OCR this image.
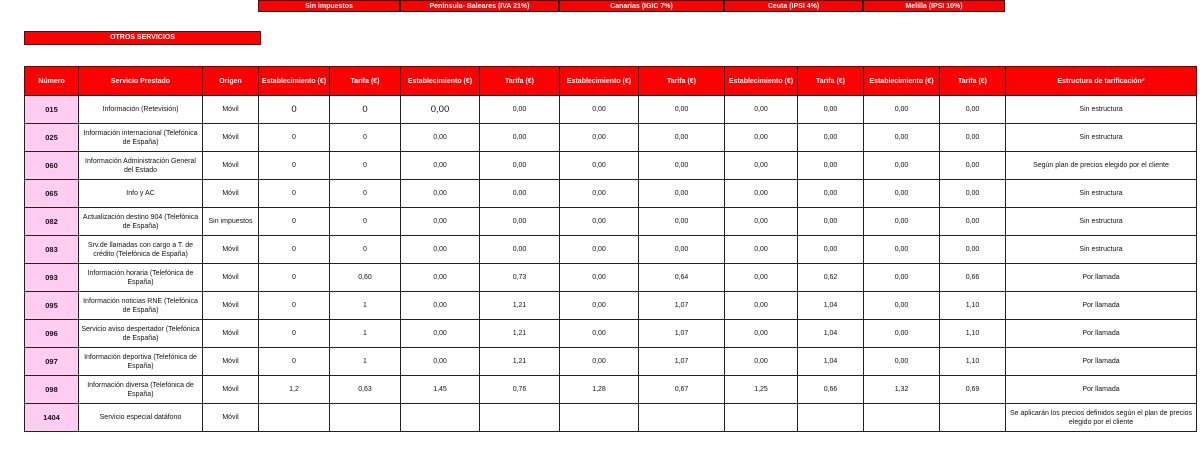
OTROS SERVICIOS
Sin impuestos	Península- Baleares (IVA 21%)	Canarias (IGIC 7%)	Ceuta (IPSI 4%)	Melilla (IPSI 10%)
Número	Servicio Prestado	Origen	Establecimiento (€)	Tarifa (€)	Establecimiento (€)	Tarifa (€)	Establecimiento (€)	Tarifa (€)	Establecimiento (€)	Tarifa (€)	Establecimiento (€)	Tarifa (€)	Estructura de tarificación*
015	Información (Retevisión)	Móvil	0	0	0,00	0,00	0,00	0,00	0,00	0,00	0,00	0,00	Sin estructura
025	Información internacional (Telefónica de España)	Móvil	0	0	0,00	0,00	0,00	0,00	0,00	0,00	0,00	0,00	Sin estructura
060	Información Administración General del Estado	Móvil	0	0	0,00	0,00	0,00	0,00	0,00	0,00	0,00	0,00	Según plan de precios elegido por el cliente
065	Info y AC	Móvil	0	0	0,00	0,00	0,00	0,00	0,00	0,00	0,00	0,00	Sin estructura
082	Actualización destino 904 (Telefónica de España)	Sin impuestos	0	0	0,00	0,00	0,00	0,00	0,00	0,00	0,00	0,00	Sin estructura
083	Srv.de llamadas con cargo a T. de crédito (Telefónica de España)	Móvil	0	0	0,00	0,00	0,00	0,00	0,00	0,00	0,00	0,00	Sin estructura
093	Información horaria (Telefónica de España)	Móvil	0	0,60	0,00	0,73	0,00	0,64	0,00	0,62	0,00	0,66	Por llamada
095	Información noticias RNE (Telefónica de España)	Móvil	0	1	0,00	1,21	0,00	1,07	0,00	1,04	0,00	1,10	Por llamada
096	Servicio aviso despertador (Telefónica de España)	Móvil	0	1	0,00	1,21	0,00	1,07	0,00	1,04	0,00	1,10	Por llamada
097	Información deportiva (Telefónica de España)	Móvil	0	1	0,00	1,21	0,00	1,07	0,00	1,04	0,00	1,10	Por llamada
098	Información diversa (Telefónica de España)	Móvil	1,2	0,63	1,45	0,76	1,28	0,67	1,25	0,66	1,32	0,69	Por llamada
1404	Servicio especial datáfono	Móvil											Se aplicarán los precios definidos según el plan de precios elegido por el cliente
